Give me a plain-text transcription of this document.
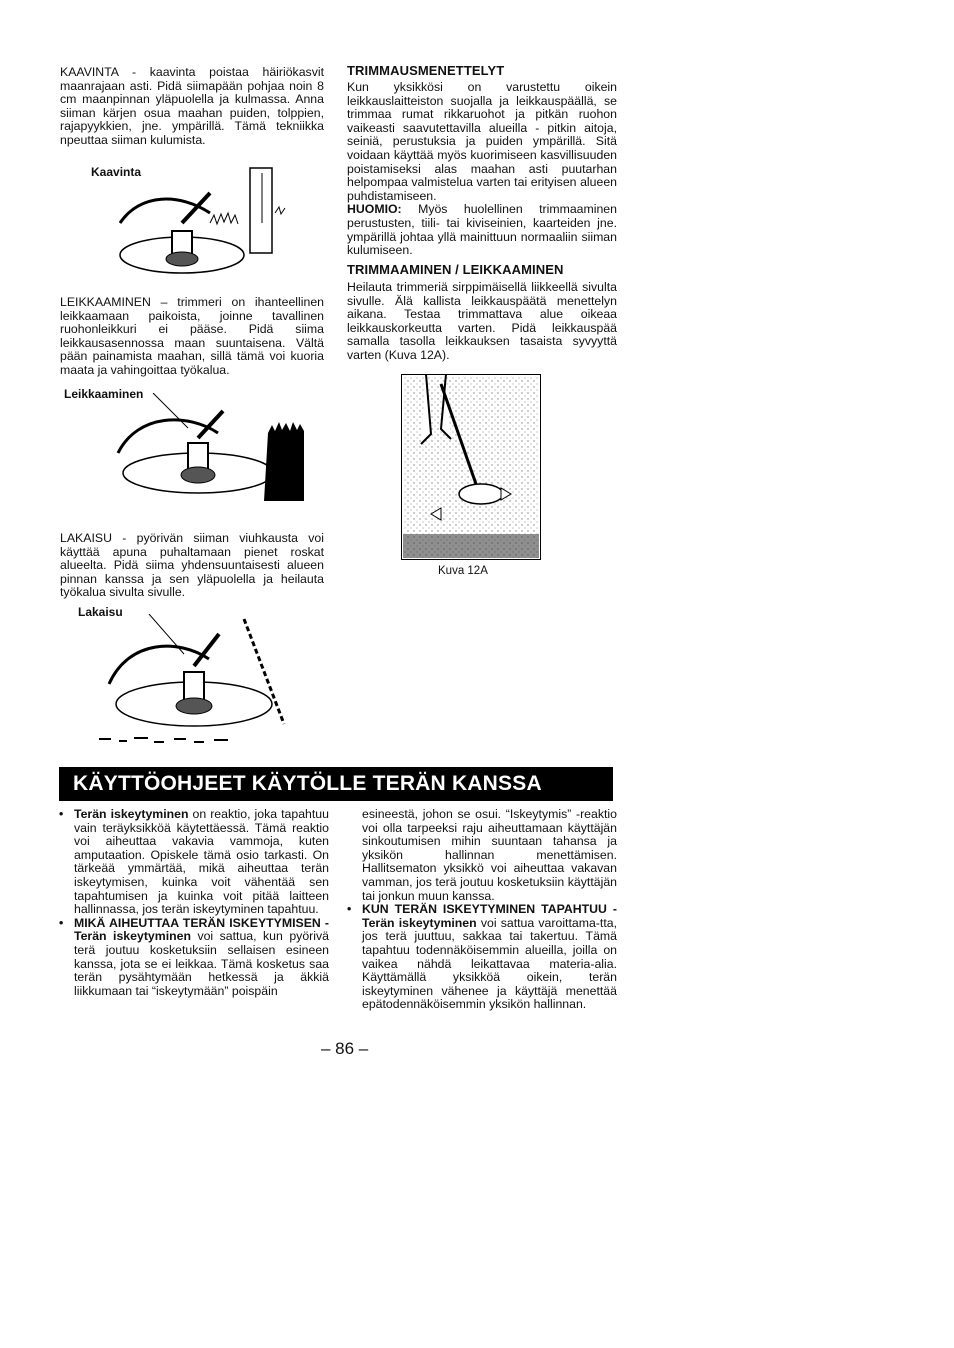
KAAVINTA - kaavinta poistaa häiriökasvit maanrajaan asti. Pidä siimapään pohjaa noin 8 cm maanpinnan yläpuolella ja kulmassa. Anna siiman kärjen osua maahan puiden, tolppien, rajapyykkien, jne. ympärillä. Tämä tekniikka npeuttaa siiman kulumista.

Kaavinta

LEIKKAAMINEN – trimmeri on ihanteellinen leikkaamaan paikoista, joinne tavallinen ruohonleikkuri ei pääse. Pidä siima leikkausasennossa maan suuntaisena. Vältä pään painamista maahan, sillä tämä voi kuoria maata ja vahingoittaa työkalua.

Leikkaaminen

LAKAISU - pyörivän siiman viuhkausta voi käyttää apuna puhaltamaan pienet roskat alueelta. Pidä siima yhdensuuntaisesti alueen pinnan kanssa ja sen yläpuolella ja heilauta työkalua sivulta sivulle.

Lakaisu
TRIMMAUSMENETTELYT

Kun yksikkösi on varustettu oikein leikkauslaitteiston suojalla ja leikkauspäällä, se trimmaa rumat rikkaruohot ja pitkän ruohon vaikeasti saavutettavilla alueilla - pitkin aitoja, seiniä, perustuksia ja puiden ympärillä. Sitä voidaan käyttää myös kuorimiseen kasvillisuuden poistamiseksi alas maahan asti puutarhan helpompaa valmistelua varten tai erityisen alueen puhdistamiseen.

HUOMIO: Myös huolellinen trimmaaminen perustusten, tiili- tai kiviseinien, kaarteiden jne. ympärillä johtaa yllä mainittuun normaaliin siiman kulumiseen.

TRIMMAAMINEN / LEIKKAAMINEN

Heilauta trimmeriä sirppimäisellä liikkeellä sivulta sivulle. Älä kallista leikkauspäätä menettelyn aikana. Testaa trimmattava alue oikeaa leikkauskorkeutta varten. Pidä leikkauspää samalla tasolla leikkauksen tasaista syvyyttä varten (Kuva 12A).

Kuva 12A
KÄYTTÖOHJEET KÄYTÖLLE TERÄN KANSSA

• Terän iskeytyminen on reaktio, joka tapahtuu vain teräyksikköä käytettäessä. Tämä reaktio voi aiheuttaa vakavia vammoja, kuten amputaation. Opiskele tämä osio tarkasti. On tärkeää ymmärtää, mikä aiheuttaa terän iskeytymisen, kuinka voit vähentää sen tapahtumisen ja kuinka voit pitää laitteen hallinnassa, jos terän iskeytyminen tapahtuu.

• MIKÄ AIHEUTTAA TERÄN ISKEYTYMISEN - Terän iskeytyminen voi sattua, kun pyörivä terä joutuu kosketuksiin sellaisen esineen kanssa, jota se ei leikkaa. Tämä kosketus saa terän pysähtymään hetkessä ja äkkiä liikkumaan tai “iskeytymään” poispäin

esineestä, johon se osui. “Iskeytymis” -reaktio voi olla tarpeeksi raju aiheuttamaan käyttäjän sinkoutumisen mihin suuntaan tahansa ja yksikön hallinnan menettämisen. Hallitsematon yksikkö voi aiheuttaa vakavan vamman, jos terä joutuu kosketuksiin käyttäjän tai jonkun muun kanssa.

• KUN TERÄN ISKEYTYMINEN TAPAHTUU - Terän iskeytyminen voi sattua varoittama-tta, jos terä juuttuu, sakkaa tai takertuu. Tämä tapahtuu todennäköisemmin alueilla, joilla on vaikea nähdä leikattavaa materia-alia. Käyttämällä yksikköä oikein, terän iskeytyminen vähenee ja käyttäjä menettää epätodennäköisemmin yksikön hallinnan.

– 86 –
